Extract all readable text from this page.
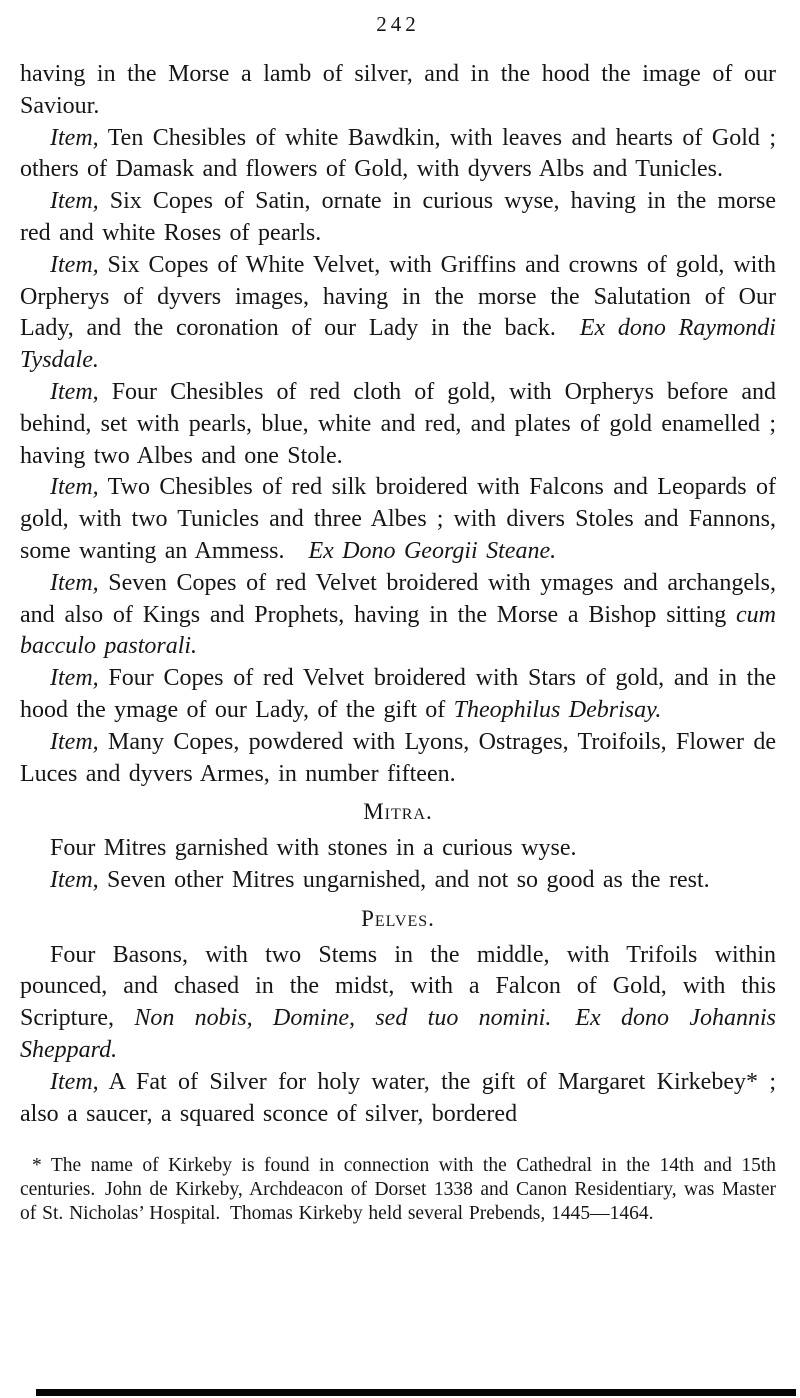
242

having in the Morse a lamb of silver, and in the hood the image of our Saviour.

Item, Ten Chesibles of white Bawdkin, with leaves and hearts of Gold ; others of Damask and flowers of Gold, with dyvers Albs and Tunicles.

Item, Six Copes of Satin, ornate in curious wyse, having in the morse red and white Roses of pearls.

Item, Six Copes of White Velvet, with Griffins and crowns of gold, with Orpherys of dyvers images, having in the morse the Salutation of Our Lady, and the coronation of our Lady in the back.  Ex dono Raymondi Tysdale.

Item, Four Chesibles of red cloth of gold, with Orpherys before and behind, set with pearls, blue, white and red, and plates of gold enamelled ; having two Albes and one Stole.

Item, Two Chesibles of red silk broidered with Falcons and Leopards of gold, with two Tunicles and three Albes ; with divers Stoles and Fannons, some wanting an Ammess.  Ex Dono Georgii Steane.

Item, Seven Copes of red Velvet broidered with ymages and archangels, and also of Kings and Prophets, having in the Morse a Bishop sitting cum bacculo pastorali.

Item, Four Copes of red Velvet broidered with Stars of gold, and in the hood the ymage of our Lady, of the gift of Theophilus Debrisay.

Item, Many Copes, powdered with Lyons, Ostrages, Troifoils, Flower de Luces and dyvers Armes, in number fifteen.

Mitra.

Four Mitres garnished with stones in a curious wyse.

Item, Seven other Mitres ungarnished, and not so good as the rest.

Pelves.

Four Basons, with two Stems in the middle, with Trifoils within pounced, and chased in the midst, with a Falcon of Gold, with this Scripture, Non nobis, Domine, sed tuo nomini.   Ex dono Johannis Sheppard.

Item, A Fat of Silver for holy water, the gift of Margaret Kirkebey* ; also a saucer, a squared sconce of silver, bordered

* The name of Kirkeby is found in connection with the Cathedral in the 14th and 15th centuries. John de Kirkeby, Archdeacon of Dorset 1338 and Canon Residentiary, was Master of St. Nicholas’ Hospital. Thomas Kirkeby held several Prebends, 1445—1464.
